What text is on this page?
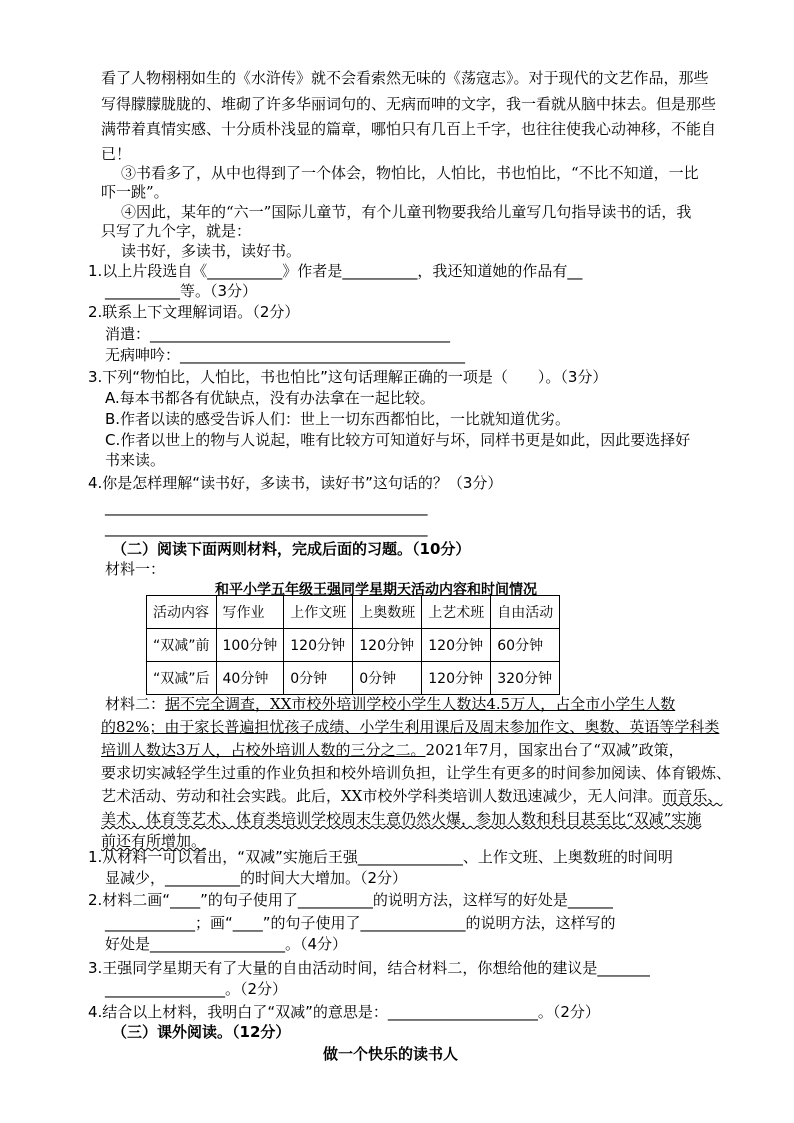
看了人物栩栩如生的《水浒传》就不会看索然无味的《荡寇志》。对于现代的文艺作品，那些
写得朦朦胧胧的、堆砌了许多华丽词句的、无病而呻的文字，我一看就从脑中抹去。但是那些
满带着真情实感、十分质朴浅显的篇章，哪怕只有几百上千字，也往往使我心动神移，不能自
已！
③书看多了，从中也得到了一个体会，物怕比，人怕比，书也怕比，“不比不知道，一比
吓一跳”。
④因此，某年的“六一”国际儿童节，有个儿童刊物要我给儿童写几句指导读书的话，我
只写了九个字，就是：
读书好，多读书，读好书。
1.以上片段选自《__________》作者是__________，我还知道她的作品有__
__________等。（3分）
2.联系上下文理解词语。（2分）
消遣：________________________________________
无病呻吟：______________________________________
3.下列“物怕比，人怕比，书也怕比”这句话理解正确的一项是（　　）。（3分）
A.每本书都各有优缺点，没有办法拿在一起比较。
B.作者以读的感受告诉人们：世上一切东西都怕比，一比就知道优劣。
C.作者以世上的物与人说起，唯有比较方可知道好与坏，同样书更是如此，因此要选择好
书来读。
4.你是怎样理解“读书好，多读书，读好书”这句话的？（3分）
___________________________________________
___________________________________________
（二）阅读下面两则材料，完成后面的习题。（10分）
材料一：
和平小学五年级王强同学星期天活动内容和时间情况
活动内容	写作业	上作文班	上奥数班	上艺术班	自由活动
“双减”前	100分钟	120分钟	120分钟	120分钟	60分钟
“双减”后	40分钟	0分钟	0分钟	120分钟	320分钟
材料二：据不完全调查，XX市校外培训学校小学生人数达4.5万人，占全市小学生人数
的82%；由于家长普遍担忧孩子成绩、小学生利用课后及周末参加作文、奥数、英语等学科类
培训人数达3万人，占校外培训人数的三分之二。2021年7月，国家出台了“双减”政策，
要求切实减轻学生过重的作业负担和校外培训负担，让学生有更多的时间参加阅读、体育锻炼、
艺术活动、劳动和社会实践。此后，XX市校外学科类培训人数迅速减少，无人问津。而音乐、
美术、体育等艺术、体育类培训学校周末生意仍然火爆，参加人数和科目甚至比“双减”实施
前还有所增加。
1.从材料一可以看出，“双减”实施后王强______________、上作文班、上奥数班的时间明
显减少，__________的时间大大增加。（2分）
2.材料二画“____”的句子使用了__________的说明方法，这样写的好处是______
____________；画“____”的句子使用了______________的说明方法，这样写的
好处是__________________。（4分）
3.王强同学星期天有了大量的自由活动时间，结合材料二，你想给他的建议是_______
________________。（2分）
4.结合以上材料，我明白了“双减”的意思是：____________________。（2分）
（三）课外阅读。（12分）
做一个快乐的读书人
